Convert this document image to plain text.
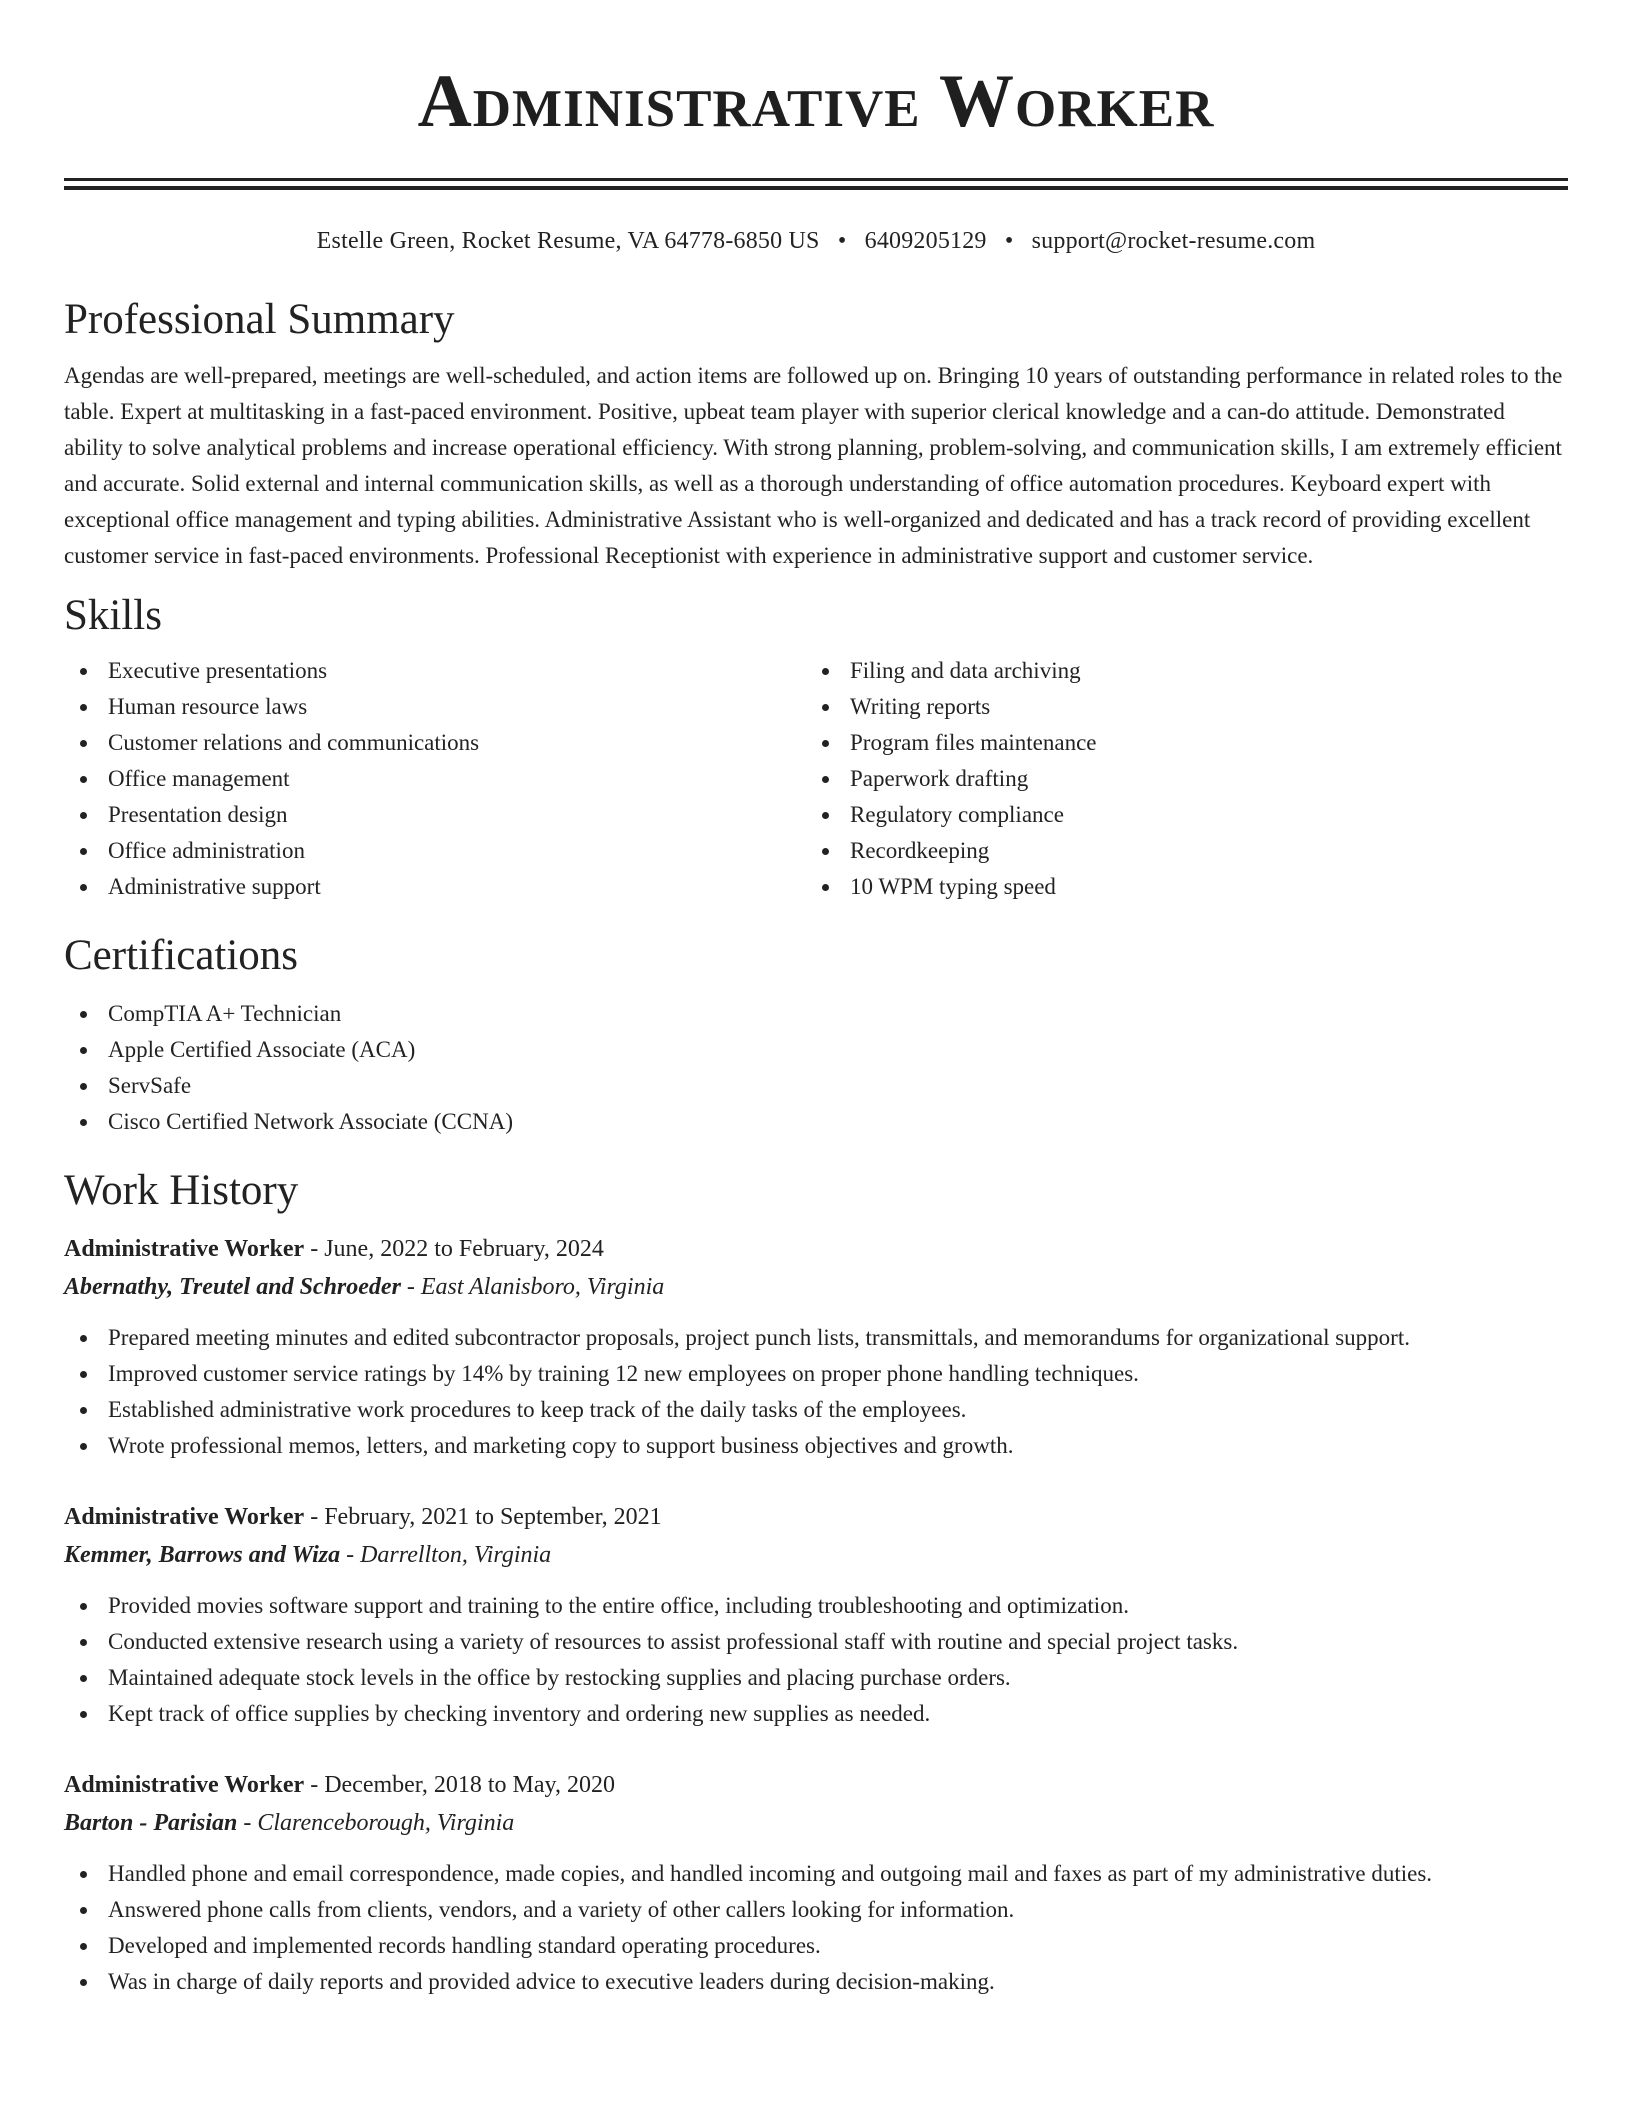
Administrative Worker
Estelle Green, Rocket Resume, VA 64778-6850 US • 6409205129 • support@rocket-resume.com
Professional Summary

Agendas are well-prepared, meetings are well-scheduled, and action items are followed up on. Bringing 10 years of outstanding performance in related roles to the table. Expert at multitasking in a fast-paced environment. Positive, upbeat team player with superior clerical knowledge and a can-do attitude. Demonstrated ability to solve analytical problems and increase operational efficiency. With strong planning, problem-solving, and communication skills, I am extremely efficient and accurate. Solid external and internal communication skills, as well as a thorough understanding of office automation procedures. Keyboard expert with exceptional office management and typing abilities. Administrative Assistant who is well-organized and dedicated and has a track record of providing excellent customer service in fast-paced environments. Professional Receptionist with experience in administrative support and customer service.

Skills
Executive presentations
Human resource laws
Customer relations and communications
Office management
Presentation design
Office administration
Administrative support
Filing and data archiving
Writing reports
Program files maintenance
Paperwork drafting
Regulatory compliance
Recordkeeping
10 WPM typing speed
Certifications
CompTIA A+ Technician
Apple Certified Associate (ACA)
ServSafe
Cisco Certified Network Associate (CCNA)
Work History
Administrative Worker - June, 2022 to February, 2024
Abernathy, Treutel and Schroeder - East Alanisboro, Virginia
Prepared meeting minutes and edited subcontractor proposals, project punch lists, transmittals, and memorandums for organizational support.
Improved customer service ratings by 14% by training 12 new employees on proper phone handling techniques.
Established administrative work procedures to keep track of the daily tasks of the employees.
Wrote professional memos, letters, and marketing copy to support business objectives and growth.
Administrative Worker - February, 2021 to September, 2021
Kemmer, Barrows and Wiza - Darrellton, Virginia
Provided movies software support and training to the entire office, including troubleshooting and optimization.
Conducted extensive research using a variety of resources to assist professional staff with routine and special project tasks.
Maintained adequate stock levels in the office by restocking supplies and placing purchase orders.
Kept track of office supplies by checking inventory and ordering new supplies as needed.
Administrative Worker - December, 2018 to May, 2020
Barton - Parisian - Clarenceborough, Virginia
Handled phone and email correspondence, made copies, and handled incoming and outgoing mail and faxes as part of my administrative duties.
Answered phone calls from clients, vendors, and a variety of other callers looking for information.
Developed and implemented records handling standard operating procedures.
Was in charge of daily reports and provided advice to executive leaders during decision-making.
